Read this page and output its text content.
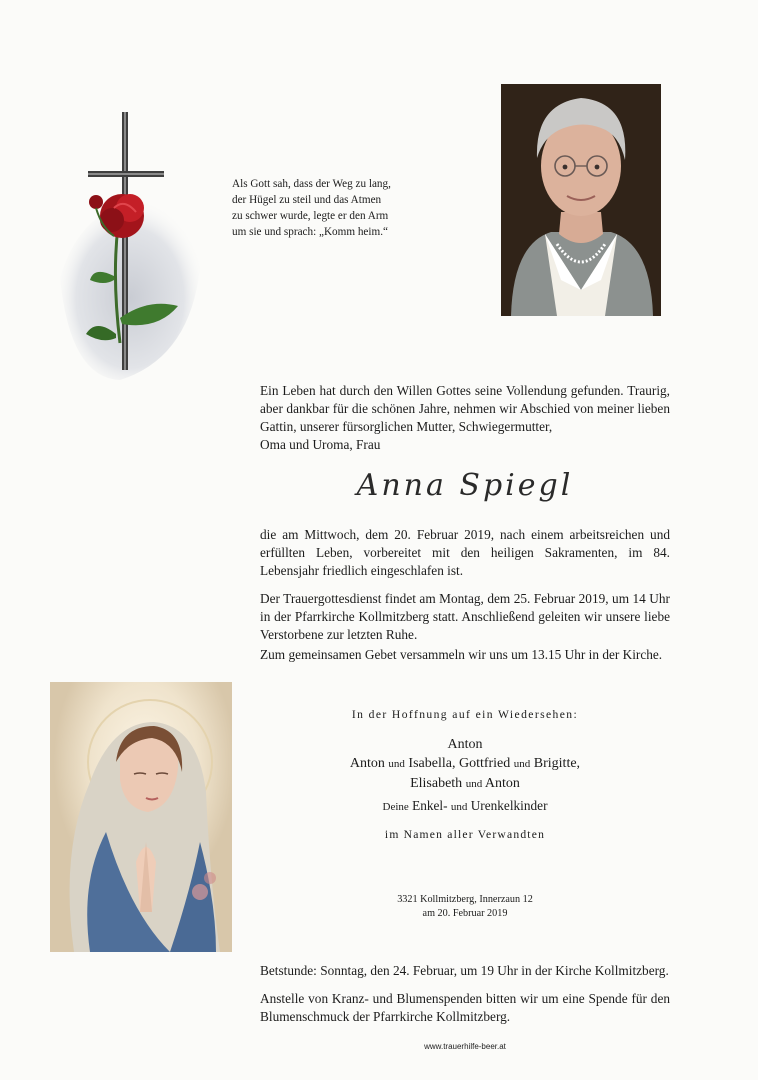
Als Gott sah, dass der Weg zu lang,
der Hügel zu steil und das Atmen
zu schwer wurde, legte er den Arm
um sie und sprach: „Komm heim.“

Ein Leben hat durch den Willen Gottes seine Vollendung gefunden. Traurig, aber dankbar für die schönen Jahre, nehmen wir Abschied von meiner lieben Gattin, unserer fürsorglichen Mutter, Schwiegermutter,
Oma und Uroma, Frau

Anna Spiegl

die am Mittwoch, dem 20. Februar 2019, nach einem arbeitsreichen und erfüllten Leben, vorbereitet mit den heiligen Sakramenten, im 84. Lebensjahr friedlich eingeschlafen ist.

Der Trauergottesdienst findet am Montag, dem 25. Februar 2019, um 14 Uhr in der Pfarrkirche Kollmitzberg statt. Anschließend geleiten wir unsere liebe Verstorbene zur letzten Ruhe.

Zum gemeinsamen Gebet versammeln wir uns um 13.15 Uhr in der Kirche.

In der Hoffnung auf ein Wiedersehen:

Anton

Anton und Isabella, Gottfried und Brigitte,

Elisabeth und Anton

Deine Enkel- und Urenkelkinder

im Namen aller Verwandten

3321 Kollmitzberg, Innerzaun 12
am 20. Februar 2019

Betstunde: Sonntag, den 24. Februar, um 19 Uhr in der Kirche Kollmitzberg.

Anstelle von Kranz- und Blumenspenden bitten wir um eine Spende für den Blumenschmuck der Pfarrkirche Kollmitzberg.

www.trauerhilfe-beer.at
